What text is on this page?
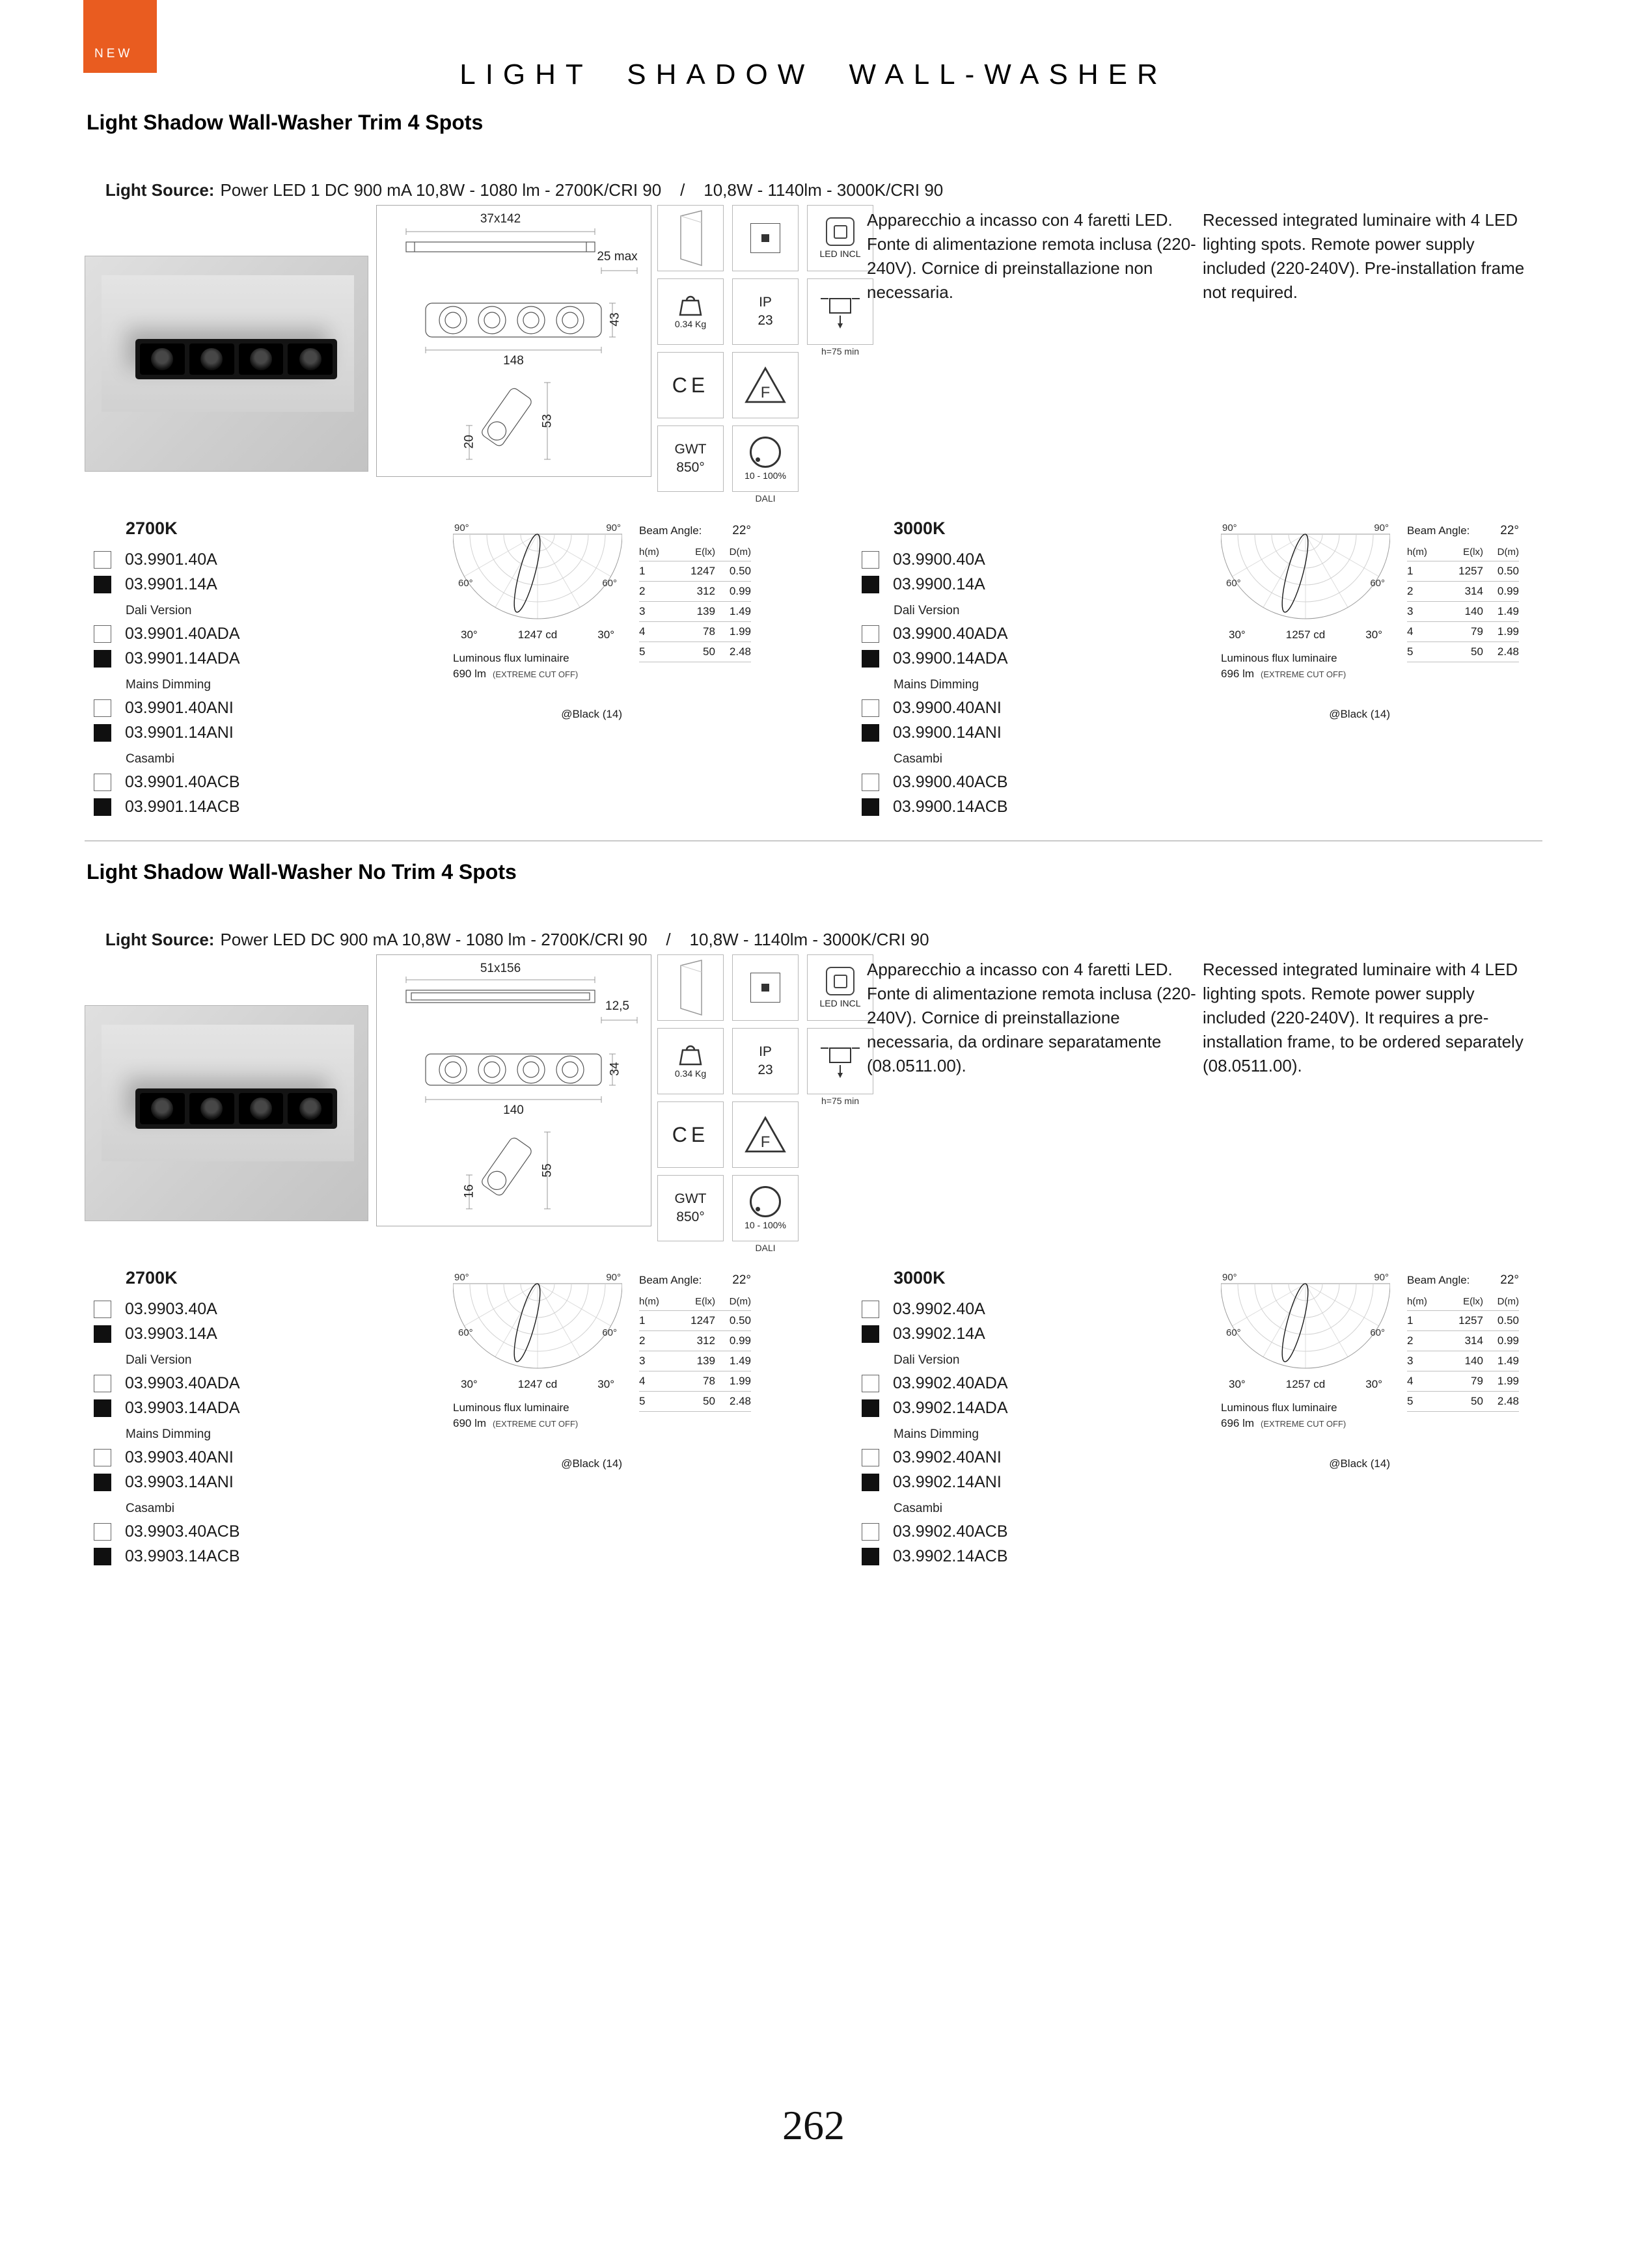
NEW
LIGHT SHADOW WALL-WASHER
Light Shadow Wall-Washer Trim 4 Spots

Light Source: Power LED 1 DC 900 mA 10,8W - 1080 lm - 2700K/CRI 90    /    10,8W - 1140lm - 3000K/CRI 90

37x142
25 max
43
148
53
20
0.34 Kg
CE
GWT
850°
IP
23
F
10 - 100%
DALI
LED INCL
h=75 min
Apparecchio a incasso con 4 faretti LED. Fonte di alimentazione remota inclusa (220-240V). Cornice di preinstallazione non necessaria.
Recessed integrated luminaire with 4 LED lighting spots. Remote power supply included (220-240V). Pre-installation frame not required.
2700K
03.9901.40A
03.9901.14A
Dali Version
03.9901.40ADA
03.9901.14ADA
Mains Dimming
03.9901.40ANI
03.9901.14ANI
Casambi
03.9901.40ACB
03.9901.14ACB
90°	90°
60°	60°
30°	1247 cd	30°
Luminous flux luminaire
690 lm (EXTREME CUT OFF)
@Black (14)
Beam Angle: 22°
h(m)	E(lx)	D(m)
1	1247	0.50
2	312	0.99
3	139	1.49
4	78	1.99
5	50	2.48
3000K
03.9900.40A
03.9900.14A
Dali Version
03.9900.40ADA
03.9900.14ADA
Mains Dimming
03.9900.40ANI
03.9900.14ANI
Casambi
03.9900.40ACB
03.9900.14ACB
90°	90°
60°	60°
30°	1257 cd	30°
Luminous flux luminaire
696 lm (EXTREME CUT OFF)
@Black (14)
Beam Angle: 22°
h(m)	E(lx)	D(m)
1	1257	0.50
2	314	0.99
3	140	1.49
4	79	1.99
5	50	2.48
Light Shadow Wall-Washer No Trim 4 Spots

Light Source: Power LED DC 900 mA 10,8W - 1080 lm - 2700K/CRI 90    /    10,8W - 1140lm - 3000K/CRI 90

51x156
12,5
34
140
55
16
0.34 Kg
CE
GWT
850°
IP
23
F
10 - 100%
DALI
LED INCL
h=75 min
Apparecchio a incasso con 4 faretti LED. Fonte di alimentazione remota inclusa (220-240V). Cornice di preinstallazione necessaria, da ordinare separatamente (08.0511.00).
Recessed integrated luminaire with 4 LED lighting spots. Remote power supply included (220-240V). It requires a pre-installation frame, to be ordered separately (08.0511.00).
2700K
03.9903.40A
03.9903.14A
Dali Version
03.9903.40ADA
03.9903.14ADA
Mains Dimming
03.9903.40ANI
03.9903.14ANI
Casambi
03.9903.40ACB
03.9903.14ACB
90°	90°
60°	60°
30°	1247 cd	30°
Luminous flux luminaire
690 lm (EXTREME CUT OFF)
@Black (14)
Beam Angle: 22°
h(m)	E(lx)	D(m)
1	1247	0.50
2	312	0.99
3	139	1.49
4	78	1.99
5	50	2.48
3000K
03.9902.40A
03.9902.14A
Dali Version
03.9902.40ADA
03.9902.14ADA
Mains Dimming
03.9902.40ANI
03.9902.14ANI
Casambi
03.9902.40ACB
03.9902.14ACB
90°	90°
60°	60°
30°	1257 cd	30°
Luminous flux luminaire
696 lm (EXTREME CUT OFF)
@Black (14)
Beam Angle: 22°
h(m)	E(lx)	D(m)
1	1257	0.50
2	314	0.99
3	140	1.49
4	79	1.99
5	50	2.48
262
